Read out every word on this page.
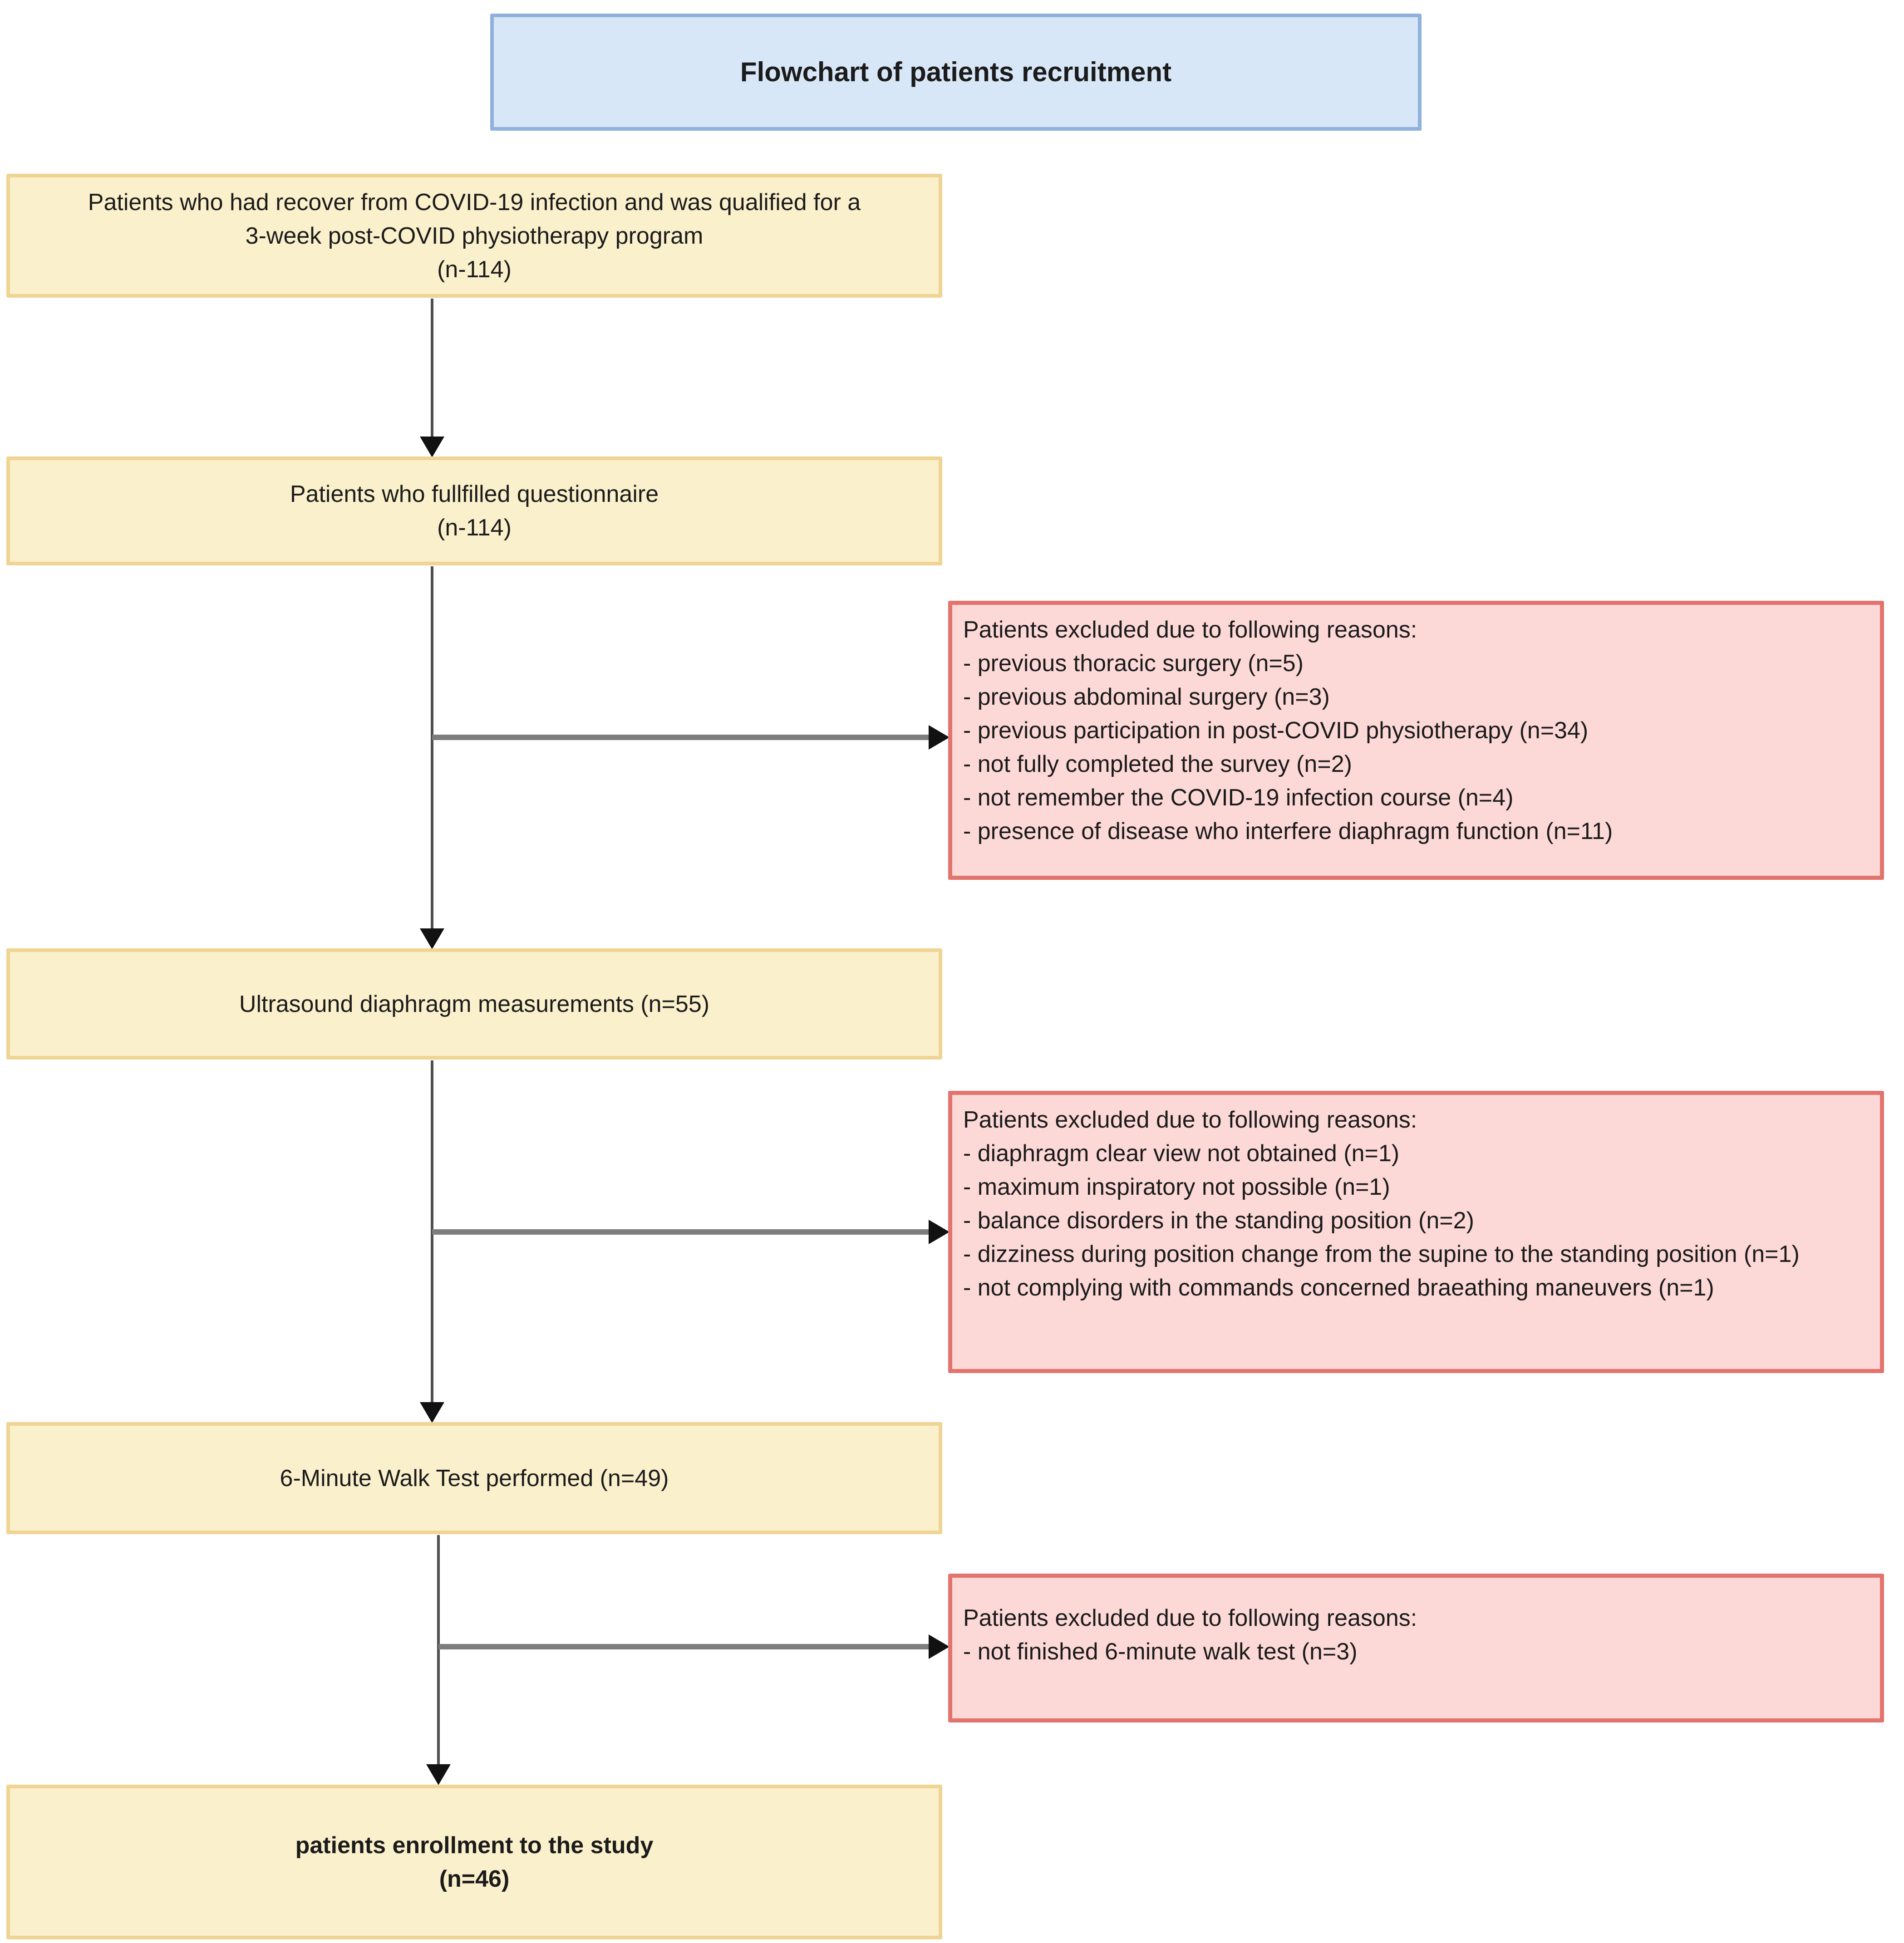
Flowchart of patients recruitment
Patients who had recover from COVID-19 infection and was qualified for a
3-week post-COVID physiotherapy program
(n-114)
Patients who fullfilled questionnaire
(n-114)
Patients excluded due to following reasons:
- previous thoracic surgery (n=5)
- previous abdominal surgery (n=3)
- previous participation in post-COVID physiotherapy (n=34)
- not fully completed the survey (n=2)
- not remember the COVID-19 infection course (n=4)
- presence of disease who interfere diaphragm function (n=11)
Ultrasound diaphragm measurements (n=55)
Patients excluded due to following reasons:
- diaphragm clear view not obtained (n=1)
- maximum inspiratory not possible (n=1)
- balance disorders in the standing position (n=2)
- dizziness during position change from the supine to the standing position (n=1)
- not complying with commands concerned braeathing maneuvers (n=1)
6-Minute Walk Test performed (n=49)
Patients excluded due to following reasons:
- not finished 6-minute walk test (n=3)
patients enrollment to the study
(n=46)
